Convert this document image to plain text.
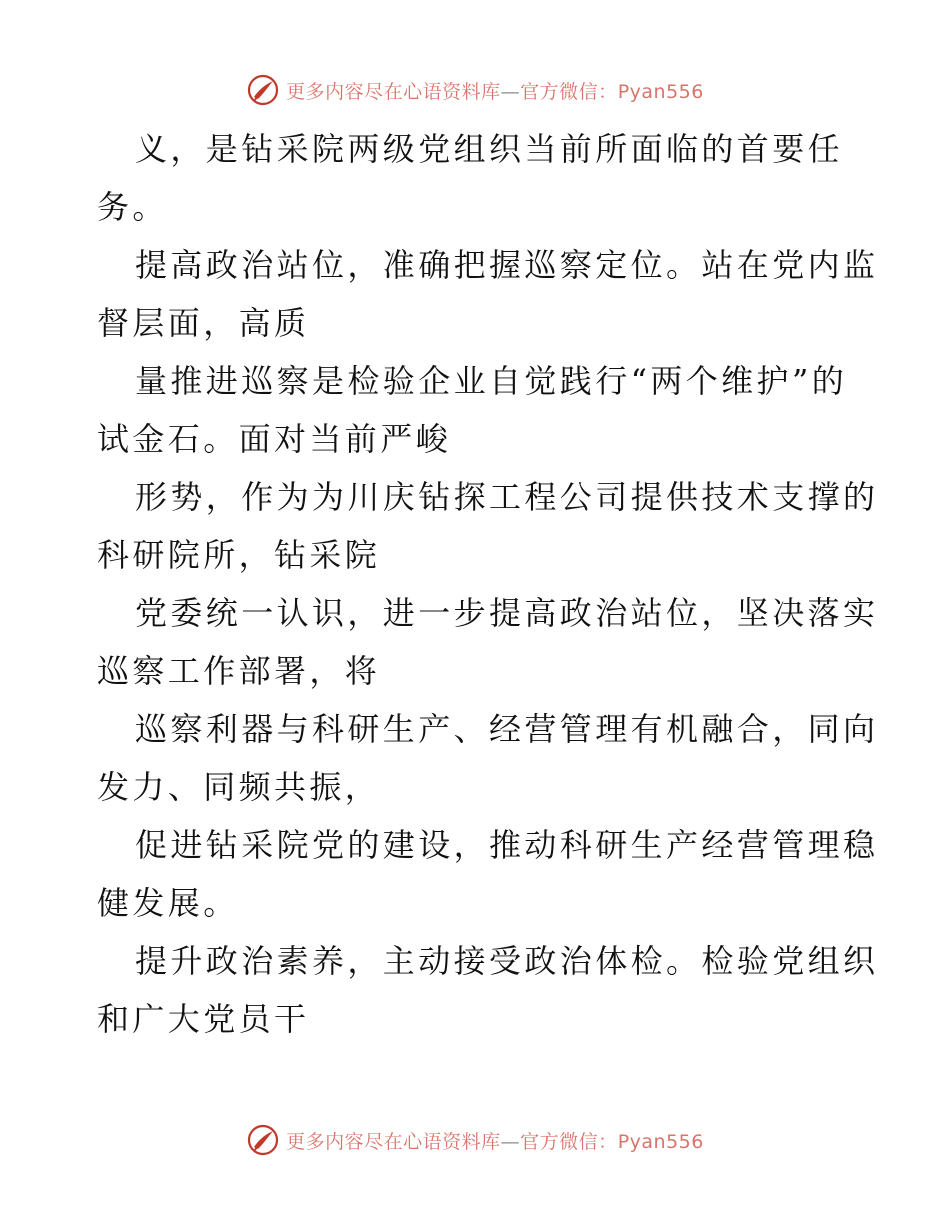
更多内容尽在心语资料库—官方微信：Pyan556
义，是钻采院两级党组织当前所面临的首要任
务。
提高政治站位，准确把握巡察定位。站在党内监
督层面，高质
量推进巡察是检验企业自觉践行“两个维护”的
试金石。面对当前严峻
形势，作为为川庆钻探工程公司提供技术支撑的
科研院所，钻采院
党委统一认识，进一步提高政治站位，坚决落实
巡察工作部署，将
巡察利器与科研生产、经营管理有机融合，同向
发力、同频共振，
促进钻采院党的建设，推动科研生产经营管理稳
健发展。
提升政治素养，主动接受政治体检。检验党组织
和广大党员干
更多内容尽在心语资料库—官方微信：Pyan556
